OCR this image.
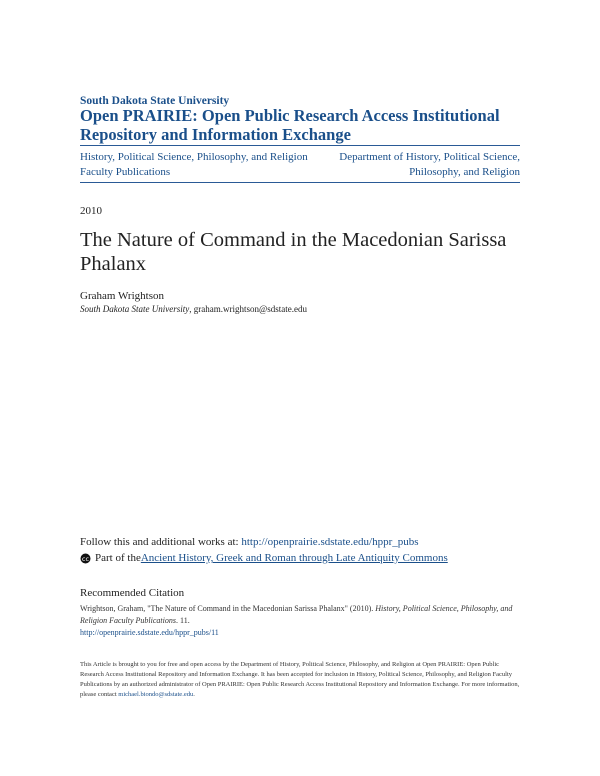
South Dakota State University
Open PRAIRIE: Open Public Research Access Institutional Repository and Information Exchange
History, Political Science, Philosophy, and Religion Faculty Publications
Department of History, Political Science, Philosophy, and Religion
2010
The Nature of Command in the Macedonian Sarissa Phalanx
Graham Wrightson
South Dakota State University, graham.wrightson@sdstate.edu
Follow this and additional works at: http://openprairie.sdstate.edu/hppr_pubs
cc Part of the Ancient History, Greek and Roman through Late Antiquity Commons
Recommended Citation
Wrightson, Graham, "The Nature of Command in the Macedonian Sarissa Phalanx" (2010). History, Political Science, Philosophy, and Religion Faculty Publications. 11.
http://openprairie.sdstate.edu/hppr_pubs/11
This Article is brought to you for free and open access by the Department of History, Political Science, Philosophy, and Religion at Open PRAIRIE: Open Public Research Access Institutional Repository and Information Exchange. It has been accepted for inclusion in History, Political Science, Philosophy, and Religion Faculty Publications by an authorized administrator of Open PRAIRIE: Open Public Research Access Institutional Repository and Information Exchange. For more information, please contact michael.biondo@sdstate.edu.
